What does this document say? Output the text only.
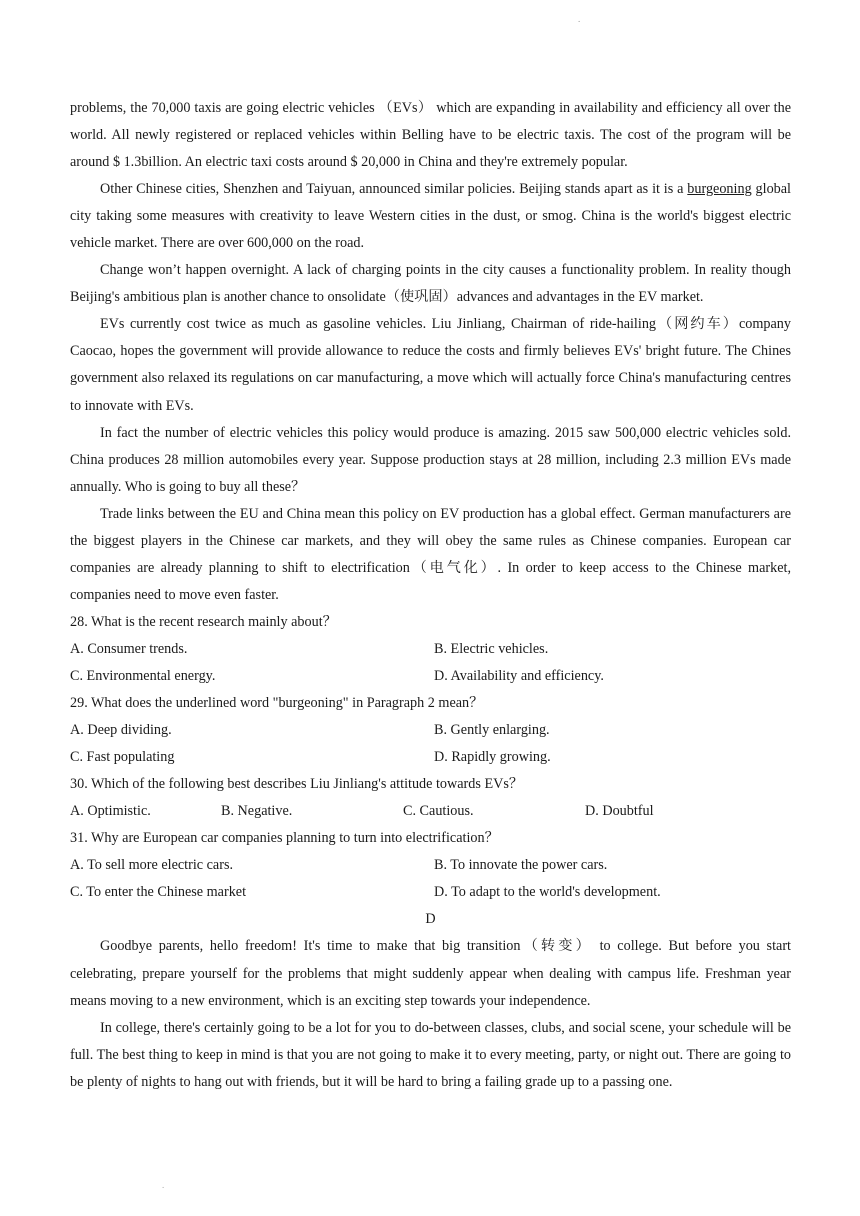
.

problems, the 70,000 taxis are going electric vehicles （EVs） which are expanding in availability and efficiency all over the world. All newly registered or replaced vehicles within Belling have to be electric taxis. The cost of the program will be around $ 1.3billion. An electric taxi costs around $ 20,000 in China and they're extremely popular.

Other Chinese cities, Shenzhen and Taiyuan, announced similar policies. Beijing stands apart as it is a burgeoning global city taking some measures with creativity to leave Western cities in the dust, or smog. China is the world's biggest electric vehicle market. There are over 600,000 on the road.

Change won’t happen overnight. A lack of charging points in the city causes a functionality problem. In reality though Beijing's ambitious plan is another chance to onsolidate（使巩固）advances and advantages in the EV market.

EVs currently cost twice as much as gasoline vehicles. Liu Jinliang, Chairman of ride-hailing（网约车）company Caocao, hopes the government will provide allowance to reduce the costs and firmly believes EVs' bright future. The Chines government also relaxed its regulations on car manufacturing, a move which will actually force China's manufacturing centres to innovate with EVs.

In fact the number of electric vehicles this policy would produce is amazing. 2015 saw 500,000 electric vehicles sold. China produces 28 million automobiles every year. Suppose production stays at 28 million, including 2.3 million EVs made annually. Who is going to buy all these？

Trade links between the EU and China mean this policy on EV production has a global effect. German manufacturers are the biggest players in the Chinese car markets, and they will obey the same rules as Chinese companies. European car companies are already planning to shift to electrification（电气化）. In order to keep access to the Chinese market, companies need to move even faster.

28. What is the recent research mainly about？

A. Consumer trends.	B. Electric vehicles.
C. Environmental energy.	D. Availability and efficiency.

29. What does the underlined word "burgeoning" in Paragraph 2 mean？

A. Deep dividing.	B. Gently enlarging.
C. Fast populating	D. Rapidly growing.

30. Which of the following best describes Liu Jinliang's attitude towards EVs？

A. Optimistic.	B. Negative.	C. Cautious.	D. Doubtful

31. Why are European car companies planning to turn into electrification？

A. To sell more electric cars.	B. To innovate the power cars.
C. To enter the Chinese market	D. To adapt to the world's development.

D

Goodbye parents, hello freedom! It's time to make that big transition（转变） to college. But before you start celebrating, prepare yourself for the problems that might suddenly appear when dealing with campus life. Freshman year means moving to a new environment, which is an exciting step towards your independence.

In college, there's certainly going to be a lot for you to do-between classes, clubs, and social scene, your schedule will be full. The best thing to keep in mind is that you are not going to make it to every meeting, party, or night out. There are going to be plenty of nights to hang out with friends, but it will be hard to bring a failing grade up to a passing one.

.
